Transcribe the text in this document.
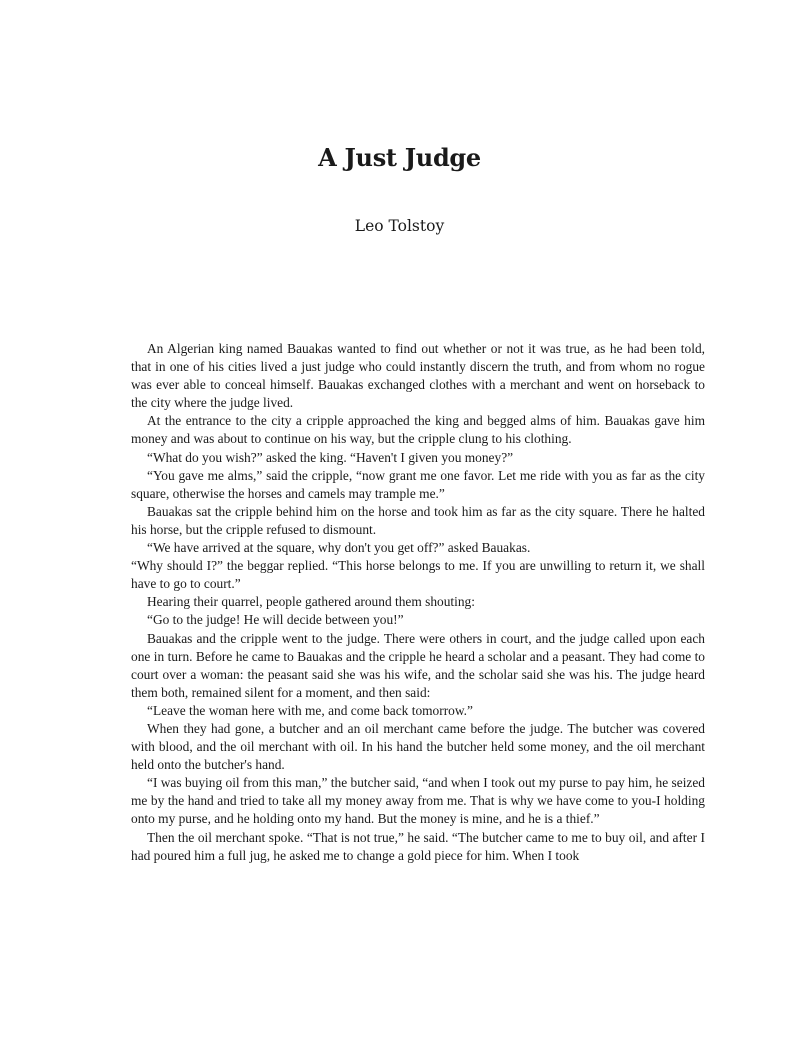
A Just Judge
Leo Tolstoy

An Algerian king named Bauakas wanted to find out whether or not it was true, as he had been told, that in one of his cities lived a just judge who could instantly discern the truth, and from whom no rogue was ever able to conceal himself. Bauakas exchanged clothes with a merchant and went on horseback to the city where the judge lived.

At the entrance to the city a cripple approached the king and begged alms of him. Bauakas gave him money and was about to continue on his way, but the cripple clung to his clothing.

“What do you wish?” asked the king. “Haven't I given you money?”

“You gave me alms,” said the cripple, “now grant me one favor. Let me ride with you as far as the city square, otherwise the horses and camels may trample me.”

Bauakas sat the cripple behind him on the horse and took him as far as the city square. There he halted his horse, but the cripple refused to dismount.

“We have arrived at the square, why don't you get off?” asked Bauakas.

“Why should I?” the beggar replied. “This horse belongs to me. If you are unwilling to return it, we shall have to go to court.”

Hearing their quarrel, people gathered around them shouting:

“Go to the judge! He will decide between you!”

Bauakas and the cripple went to the judge. There were others in court, and the judge called upon each one in turn. Before he came to Bauakas and the cripple he heard a scholar and a peasant. They had come to court over a woman: the peasant said she was his wife, and the scholar said she was his. The judge heard them both, remained silent for a moment, and then said:

“Leave the woman here with me, and come back tomorrow.”

When they had gone, a butcher and an oil merchant came before the judge. The butcher was covered with blood, and the oil merchant with oil. In his hand the butcher held some money, and the oil merchant held onto the butcher's hand.

“I was buying oil from this man,” the butcher said, “and when I took out my purse to pay him, he seized me by the hand and tried to take all my money away from me. That is why we have come to you-I holding onto my purse, and he holding onto my hand. But the money is mine, and he is a thief.”

Then the oil merchant spoke. “That is not true,” he said. “The butcher came to me to buy oil, and after I had poured him a full jug, he asked me to change a gold piece for him. When I took
